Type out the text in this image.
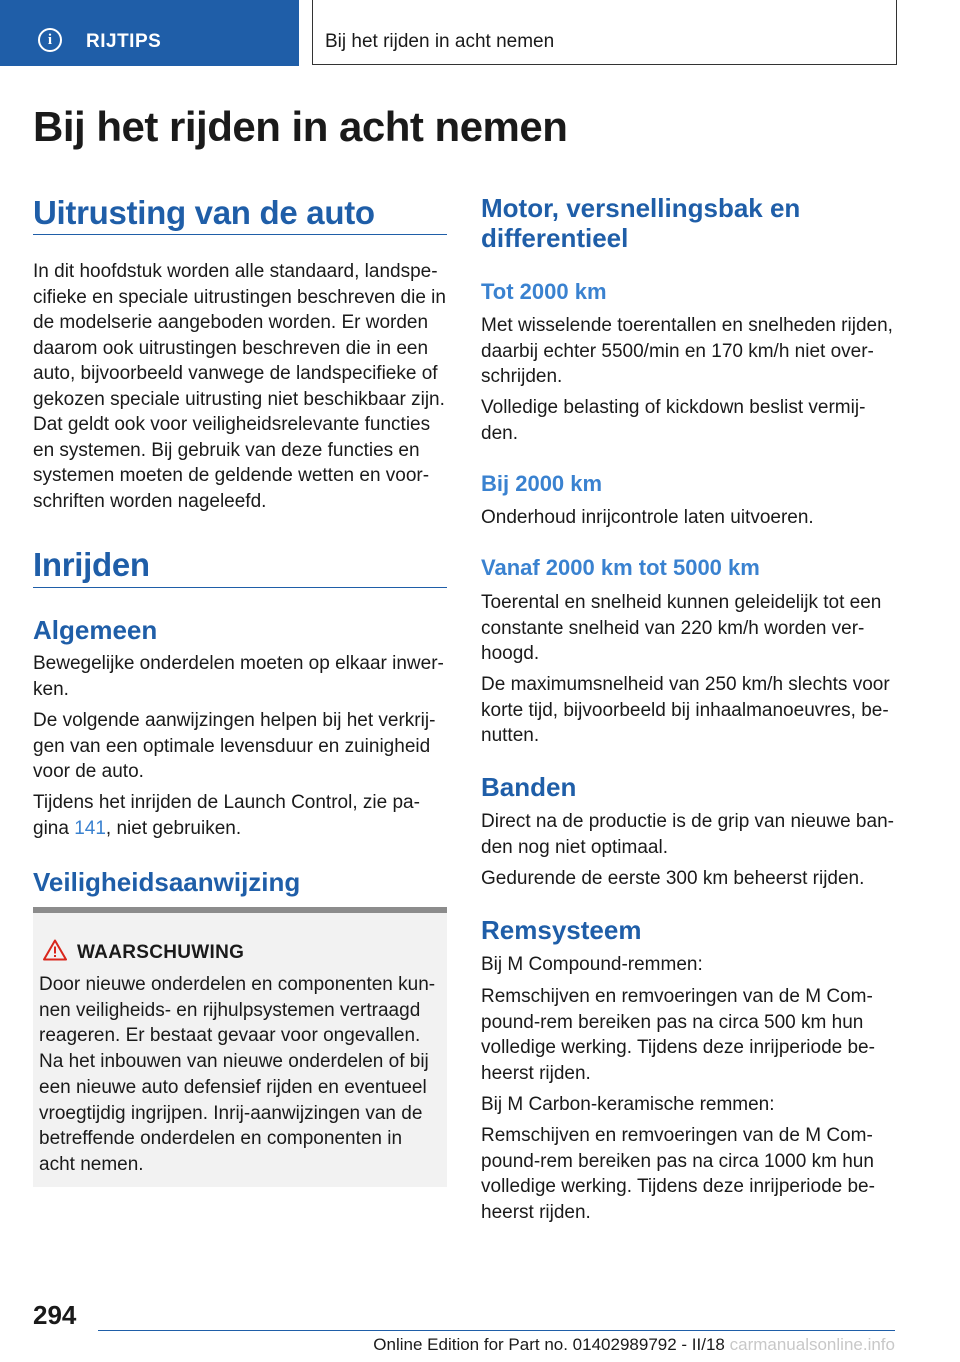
i	RIJTIPS	Bij het rijden in acht nemen
Bij het rijden in acht nemen
Uitrusting van de auto

In dit hoofdstuk worden alle standaard, landspe-cifieke en speciale uitrustingen beschreven die in de modelserie aangeboden worden. Er worden daarom ook uitrustingen beschreven die in een auto, bijvoorbeeld vanwege de landspecifieke of gekozen speciale uitrusting niet beschikbaar zijn. Dat geldt ook voor veiligheidsrelevante functies en systemen. Bij gebruik van deze functies en systemen moeten de geldende wetten en voor-schriften worden nageleefd.

Inrijden
Algemeen

Bewegelijke onderdelen moeten op elkaar inwer-ken.

De volgende aanwijzingen helpen bij het verkrij-gen van een optimale levensduur en zuinigheid voor de auto.

Tijdens het inrijden de Launch Control, zie pa-gina 141, niet gebruiken.

Veiligheidsaanwijzing
WAARSCHUWING

Door nieuwe onderdelen en componenten kun-nen veiligheids- en rijhulpsystemen vertraagd reageren. Er bestaat gevaar voor ongevallen. Na het inbouwen van nieuwe onderdelen of bij een nieuwe auto defensief rijden en eventueel vroegtijdig ingrijpen. Inrij-aanwijzingen van de betreffende onderdelen en componenten in acht nemen.

Motor, versnellingsbak en differentieel
Tot 2000 km

Met wisselende toerentallen en snelheden rijden, daarbij echter 5500/min en 170 km/h niet over-schrijden.

Volledige belasting of kickdown beslist vermij-den.

Bij 2000 km

Onderhoud inrijcontrole laten uitvoeren.

Vanaf 2000 km tot 5000 km

Toerental en snelheid kunnen geleidelijk tot een constante snelheid van 220 km/h worden ver-hoogd.

De maximumsnelheid van 250 km/h slechts voor korte tijd, bijvoorbeeld bij inhaalmanoeuvres, be-nutten.

Banden

Direct na de productie is de grip van nieuwe ban-den nog niet optimaal.

Gedurende de eerste 300 km beheerst rijden.

Remsysteem

Bij M Compound-remmen:

Remschijven en remvoeringen van de M Com-pound-rem bereiken pas na circa 500 km hun volledige werking. Tijdens deze inrijperiode be-heerst rijden.

Bij M Carbon-keramische remmen:

Remschijven en remvoeringen van de M Com-pound-rem bereiken pas na circa 1000 km hun volledige werking. Tijdens deze inrijperiode be-heerst rijden.

294
Online Edition for Part no. 01402989792 - II/18 carmanualsonline.info
